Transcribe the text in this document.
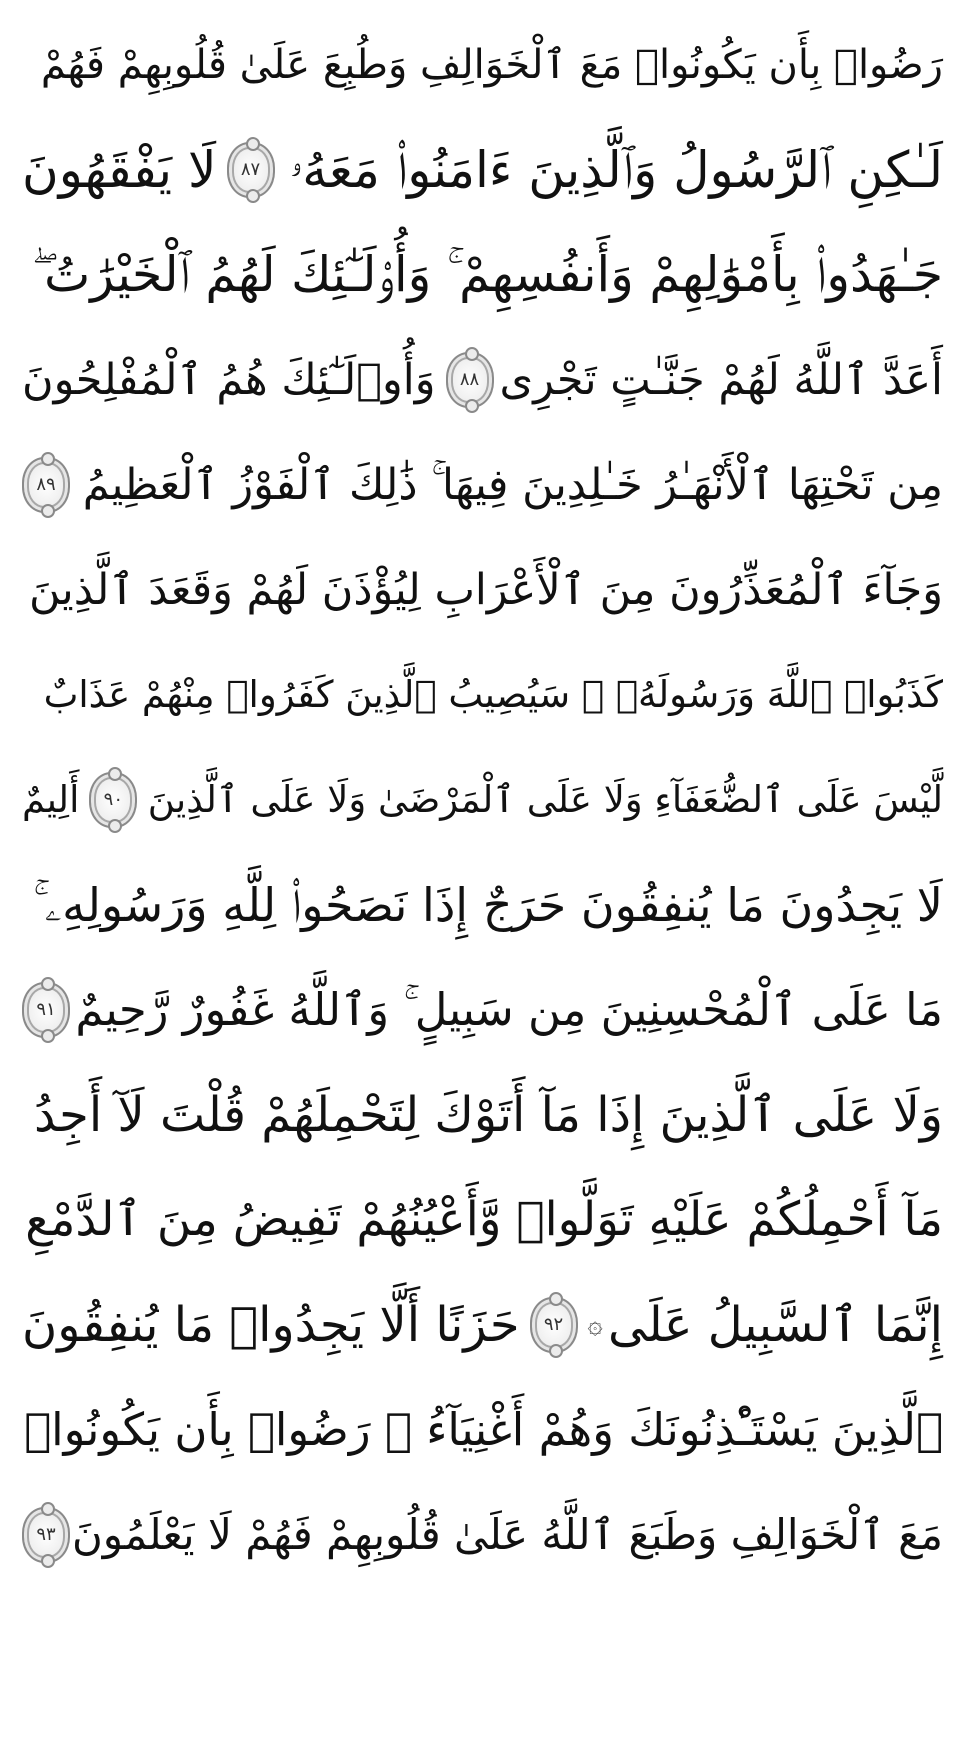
رَضُوا۟ بِأَن يَكُونُوا۟ مَعَ ٱلْخَوَالِفِ وَطُبِعَ عَلَىٰ قُلُوبِهِمْ فَهُمْ
لَـٰكِنِ ٱلرَّسُولُ وَٱلَّذِينَ ءَامَنُوا۟ مَعَهُۥ
٨٧
لَا يَفْقَهُونَ
جَـٰهَدُوا۟ بِأَمْوَٰلِهِمْ وَأَنفُسِهِمْ ۚ وَأُو۟لَـٰٓئِكَ لَهُمُ ٱلْخَيْرَٰتُ ۖ
أَعَدَّ ٱللَّهُ لَهُمْ جَنَّـٰتٍ تَجْرِى
٨٨
وَأُو۟لَـٰٓئِكَ هُمُ ٱلْمُفْلِحُونَ
مِن تَحْتِهَا ٱلْأَنْهَـٰرُ خَـٰلِدِينَ فِيهَا ۚ ذَٰلِكَ ٱلْفَوْزُ ٱلْعَظِيمُ
٨٩
وَجَآءَ ٱلْمُعَذِّرُونَ مِنَ ٱلْأَعْرَابِ لِيُؤْذَنَ لَهُمْ وَقَعَدَ ٱلَّذِينَ
كَذَبُوا۟ ٱللَّهَ وَرَسُولَهُۥ ۚ سَيُصِيبُ ٱلَّذِينَ كَفَرُوا۟ مِنْهُمْ عَذَابٌ
لَّيْسَ عَلَى ٱلضُّعَفَآءِ وَلَا عَلَى ٱلْمَرْضَىٰ وَلَا عَلَى ٱلَّذِينَ
٩٠
أَلِيمٌ
لَا يَجِدُونَ مَا يُنفِقُونَ حَرَجٌ إِذَا نَصَحُوا۟ لِلَّهِ وَرَسُولِهِۦ ۚ
مَا عَلَى ٱلْمُحْسِنِينَ مِن سَبِيلٍ ۚ وَٱللَّهُ غَفُورٌ رَّحِيمٌ
٩١
وَلَا عَلَى ٱلَّذِينَ إِذَا مَآ أَتَوْكَ لِتَحْمِلَهُمْ قُلْتَ لَآ أَجِدُ
مَآ أَحْمِلُكُمْ عَلَيْهِ تَوَلَّوا۟ وَّأَعْيُنُهُمْ تَفِيضُ مِنَ ٱلدَّمْعِ
إِنَّمَا ٱلسَّبِيلُ عَلَى
۞
٩٢
حَزَنًا أَلَّا يَجِدُوا۟ مَا يُنفِقُونَ
ٱلَّذِينَ يَسْتَـْٔذِنُونَكَ وَهُمْ أَغْنِيَآءُ ۚ رَضُوا۟ بِأَن يَكُونُوا۟
مَعَ ٱلْخَوَالِفِ وَطَبَعَ ٱللَّهُ عَلَىٰ قُلُوبِهِمْ فَهُمْ لَا يَعْلَمُونَ
٩٣
